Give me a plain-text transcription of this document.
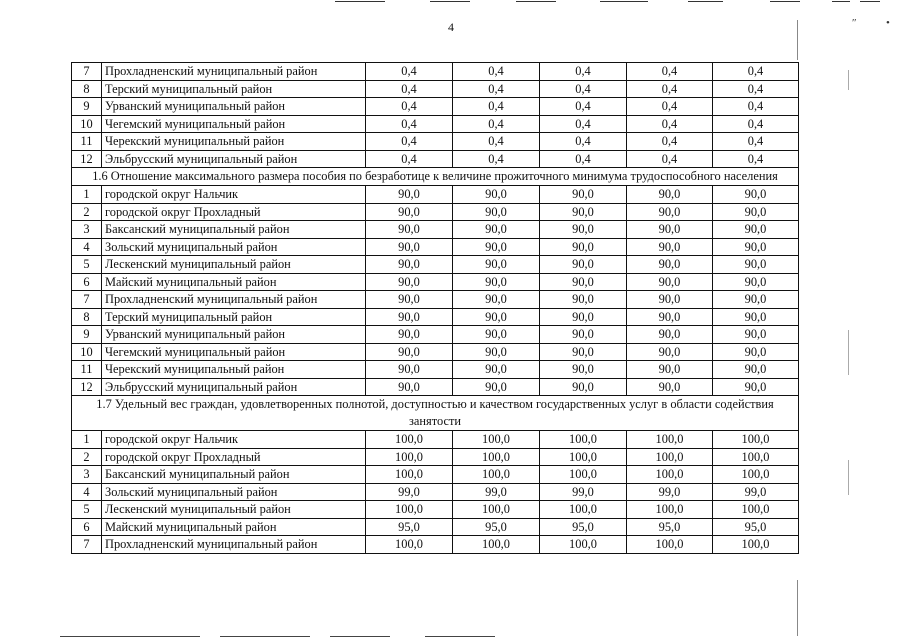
ʺ	•
4
7	Прохладненский муниципальный район	0,4	0,4	0,4	0,4	0,4
8	Терский муниципальный район	0,4	0,4	0,4	0,4	0,4
9	Урванский муниципальный район	0,4	0,4	0,4	0,4	0,4
10	Чегемский муниципальный район	0,4	0,4	0,4	0,4	0,4
11	Черекский муниципальный район	0,4	0,4	0,4	0,4	0,4
12	Эльбрусский муниципальный район	0,4	0,4	0,4	0,4	0,4
1.6 Отношение максимального размера пособия по безработице к величине прожиточного минимума трудоспособного населения						
1	городской округ Нальчик	90,0	90,0	90,0	90,0	90,0
2	городской округ Прохладный	90,0	90,0	90,0	90,0	90,0
3	Баксанский муниципальный район	90,0	90,0	90,0	90,0	90,0
4	Зольский муниципальный район	90,0	90,0	90,0	90,0	90,0
5	Лескенский муниципальный район	90,0	90,0	90,0	90,0	90,0
6	Майский муниципальный район	90,0	90,0	90,0	90,0	90,0
7	Прохладненский муниципальный район	90,0	90,0	90,0	90,0	90,0
8	Терский муниципальный район	90,0	90,0	90,0	90,0	90,0
9	Урванский муниципальный район	90,0	90,0	90,0	90,0	90,0
10	Чегемский муниципальный район	90,0	90,0	90,0	90,0	90,0
11	Черекский муниципальный район	90,0	90,0	90,0	90,0	90,0
12	Эльбрусский муниципальный район	90,0	90,0	90,0	90,0	90,0
1.7 Удельный вес граждан, удовлетворенных полнотой, доступностью и качеством государственных услуг в области содействия занятости						
1	городской округ Нальчик	100,0	100,0	100,0	100,0	100,0
2	городской округ Прохладный	100,0	100,0	100,0	100,0	100,0
3	Баксанский муниципальный район	100,0	100,0	100,0	100,0	100,0
4	Зольский муниципальный район	99,0	99,0	99,0	99,0	99,0
5	Лескенский муниципальный район	100,0	100,0	100,0	100,0	100,0
6	Майский муниципальный район	95,0	95,0	95,0	95,0	95,0
7	Прохладненский муниципальный район	100,0	100,0	100,0	100,0	100,0
